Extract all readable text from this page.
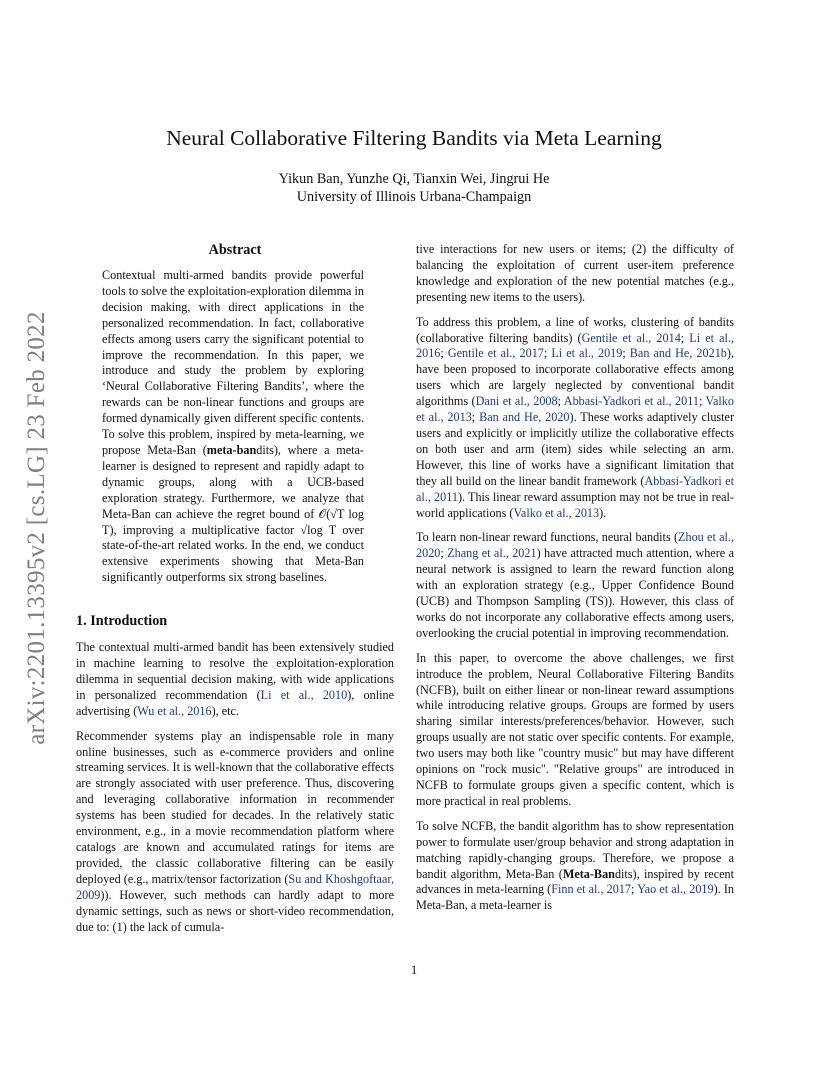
arXiv:2201.13395v2 [cs.LG] 23 Feb 2022
Neural Collaborative Filtering Bandits via Meta Learning
Yikun Ban, Yunzhe Qi, Tianxin Wei, Jingrui He
University of Illinois Urbana-Champaign
Abstract

Contextual multi-armed bandits provide powerful tools to solve the exploitation-exploration dilemma in decision making, with direct applications in the personalized recommendation. In fact, collaborative effects among users carry the significant potential to improve the recommendation. In this paper, we introduce and study the problem by exploring ‘Neural Collaborative Filtering Bandits’, where the rewards can be non-linear functions and groups are formed dynamically given different specific contents. To solve this problem, inspired by meta-learning, we propose Meta-Ban (meta-bandits), where a meta-learner is designed to represent and rapidly adapt to dynamic groups, along with a UCB-based exploration strategy. Furthermore, we analyze that Meta-Ban can achieve the regret bound of 𝒪(√T log T), improving a multiplicative factor √log T over state-of-the-art related works. In the end, we conduct extensive experiments showing that Meta-Ban significantly outperforms six strong baselines.

1. Introduction

The contextual multi-armed bandit has been extensively studied in machine learning to resolve the exploitation-exploration dilemma in sequential decision making, with wide applications in personalized recommendation (Li et al., 2010), online advertising (Wu et al., 2016), etc.

Recommender systems play an indispensable role in many online businesses, such as e-commerce providers and online streaming services. It is well-known that the collaborative effects are strongly associated with user preference. Thus, discovering and leveraging collaborative information in recommender systems has been studied for decades. In the relatively static environment, e.g., in a movie recommendation platform where catalogs are known and accumulated ratings for items are provided, the classic collaborative filtering can be easily deployed (e.g., matrix/tensor factorization (Su and Khoshgoftaar, 2009)). However, such methods can hardly adapt to more dynamic settings, such as news or short-video recommendation, due to: (1) the lack of cumula-

tive interactions for new users or items; (2) the difficulty of balancing the exploitation of current user-item preference knowledge and exploration of the new potential matches (e.g., presenting new items to the users).

To address this problem, a line of works, clustering of bandits (collaborative filtering bandits) (Gentile et al., 2014; Li et al., 2016; Gentile et al., 2017; Li et al., 2019; Ban and He, 2021b), have been proposed to incorporate collaborative effects among users which are largely neglected by conventional bandit algorithms (Dani et al., 2008; Abbasi-Yadkori et al., 2011; Valko et al., 2013; Ban and He, 2020). These works adaptively cluster users and explicitly or implicitly utilize the collaborative effects on both user and arm (item) sides while selecting an arm. However, this line of works have a significant limitation that they all build on the linear bandit framework (Abbasi-Yadkori et al., 2011). This linear reward assumption may not be true in real-world applications (Valko et al., 2013).

To learn non-linear reward functions, neural bandits (Zhou et al., 2020; Zhang et al., 2021) have attracted much attention, where a neural network is assigned to learn the reward function along with an exploration strategy (e.g., Upper Confidence Bound (UCB) and Thompson Sampling (TS)). However, this class of works do not incorporate any collaborative effects among users, overlooking the crucial potential in improving recommendation.

In this paper, to overcome the above challenges, we first introduce the problem, Neural Collaborative Filtering Bandits (NCFB), built on either linear or non-linear reward assumptions while introducing relative groups. Groups are formed by users sharing similar interests/preferences/behavior. However, such groups usually are not static over specific contents. For example, two users may both like "country music" but may have different opinions on "rock music". "Relative groups" are introduced in NCFB to formulate groups given a specific content, which is more practical in real problems.

To solve NCFB, the bandit algorithm has to show representation power to formulate user/group behavior and strong adaptation in matching rapidly-changing groups. Therefore, we propose a bandit algorithm, Meta-Ban (Meta-Bandits), inspired by recent advances in meta-learning (Finn et al., 2017; Yao et al., 2019). In Meta-Ban, a meta-learner is

1
